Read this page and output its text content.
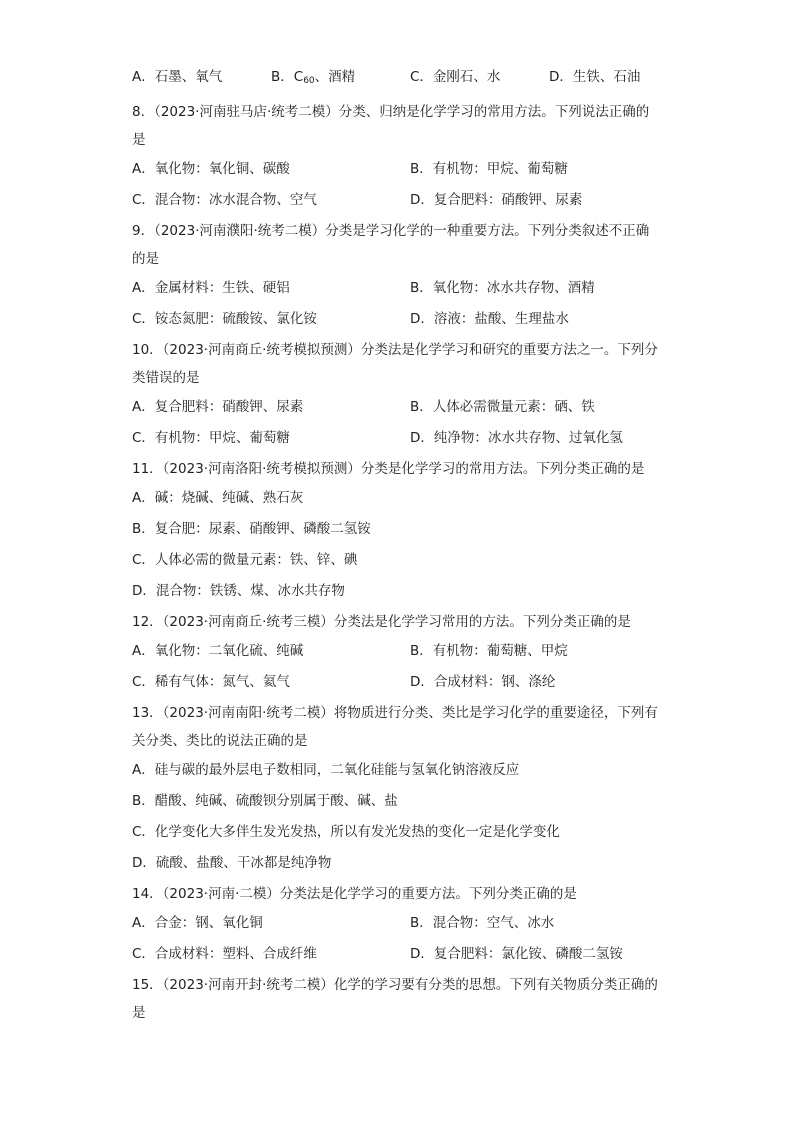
A．石墨、氧气	B．$C_{60}$、酒精	C．金刚石、水	D．生铁、石油
8．（2023·河南驻马店·统考二模）分类、归纳是化学学习的常用方法。下列说法正确的
是
A．氧化物：氧化铜、碳酸	B．有机物：甲烷、葡萄糖
C．混合物：冰水混合物、空气	D．复合肥料：硝酸钾、尿素
9．（2023·河南濮阳·统考二模）分类是学习化学的一种重要方法。下列分类叙述不正确
的是
A．金属材料：生铁、硬铝	B．氧化物：冰水共存物、酒精
C．铵态氮肥：硫酸铵、氯化铵	D．溶液：盐酸、生理盐水
10．（2023·河南商丘·统考模拟预测）分类法是化学学习和研究的重要方法之一。下列分
类错误的是
A．复合肥料：硝酸钾、尿素	B．人体必需微量元素：硒、铁
C．有机物：甲烷、葡萄糖	D．纯净物：冰水共存物、过氧化氢
11．（2023·河南洛阳·统考模拟预测）分类是化学学习的常用方法。下列分类正确的是
A．碱：烧碱、纯碱、熟石灰
B．复合肥：尿素、硝酸钾、磷酸二氢铵
C．人体必需的微量元素：铁、锌、碘
D．混合物：铁锈、煤、冰水共存物
12．（2023·河南商丘·统考三模）分类法是化学学习常用的方法。下列分类正确的是
A．氧化物：二氧化硫、纯碱	B．有机物：葡萄糖、甲烷
C．稀有气体：氮气、氦气	D．合成材料：钢、涤纶
13．（2023·河南南阳·统考二模）将物质进行分类、类比是学习化学的重要途径，下列有
关分类、类比的说法正确的是
A．硅与碳的最外层电子数相同，二氧化硅能与氢氧化钠溶液反应
B．醋酸、纯碱、硫酸钡分别属于酸、碱、盐
C．化学变化大多伴生发光发热，所以有发光发热的变化一定是化学变化
D．硫酸、盐酸、干冰都是纯净物
14．（2023·河南·二模）分类法是化学学习的重要方法。下列分类正确的是
A．合金：钢、氧化铜	B．混合物：空气、冰水
C．合成材料：塑料、合成纤维	D．复合肥料：氯化铵、磷酸二氢铵
15．（2023·河南开封·统考二模）化学的学习要有分类的思想。下列有关物质分类正确的
是
